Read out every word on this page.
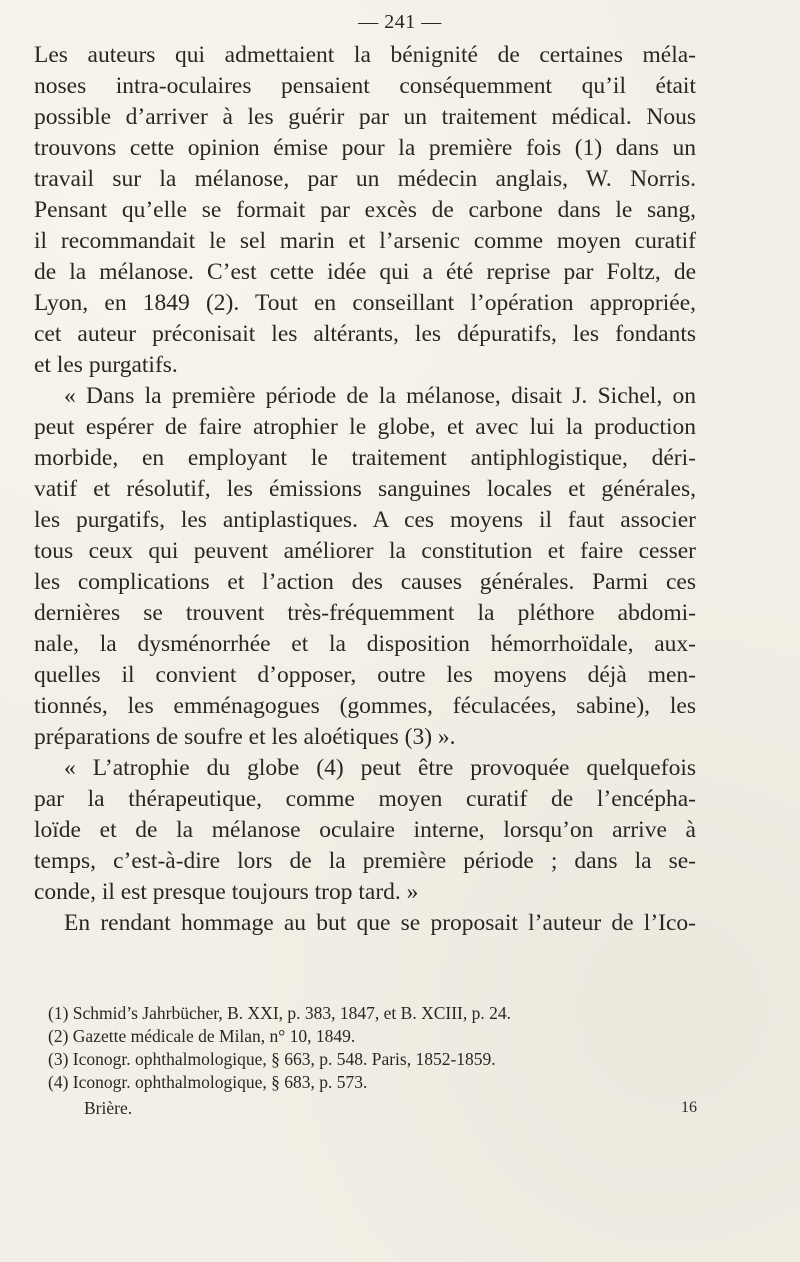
— 241 —
Les auteurs qui admettaient la bénignité de certaines méla-
noses intra-oculaires pensaient conséquemment qu’il était
possible d’arriver à les guérir par un traitement médical. Nous
trouvons cette opinion émise pour la première fois (1) dans un
travail sur la mélanose, par un médecin anglais, W. Norris.
Pensant qu’elle se formait par excès de carbone dans le sang,
il recommandait le sel marin et l’arsenic comme moyen curatif
de la mélanose. C’est cette idée qui a été reprise par Foltz, de
Lyon, en 1849 (2). Tout en conseillant l’opération appropriée,
cet auteur préconisait les altérants, les dépuratifs, les fondants
et les purgatifs.
« Dans la première période de la mélanose, disait J. Sichel, on
peut espérer de faire atrophier le globe, et avec lui la production
morbide, en employant le traitement antiphlogistique, déri-
vatif et résolutif, les émissions sanguines locales et générales,
les purgatifs, les antiplastiques. A ces moyens il faut associer
tous ceux qui peuvent améliorer la constitution et faire cesser
les complications et l’action des causes générales. Parmi ces
dernières se trouvent très-fréquemment la pléthore abdomi-
nale, la dysménorrhée et la disposition hémorrhoïdale, aux-
quelles il convient d’opposer, outre les moyens déjà men-
tionnés, les emménagogues (gommes, féculacées, sabine), les
préparations de soufre et les aloétiques (3) ».
« L’atrophie du globe (4) peut être provoquée quelquefois
par la thérapeutique, comme moyen curatif de l’encépha-
loïde et de la mélanose oculaire interne, lorsqu’on arrive à
temps, c’est-à-dire lors de la première période ; dans la se-
conde, il est presque toujours trop tard. »
En rendant hommage au but que se proposait l’auteur de l’Ico-
(1) Schmid’s Jahrbücher, B. XXI, p. 383, 1847, et B. XCIII, p. 24.
(2) Gazette médicale de Milan, n° 10, 1849.
(3) Iconogr. ophthalmologique, § 663, p. 548. Paris, 1852-1859.
(4) Iconogr. ophthalmologique, § 683, p. 573.
Brière.	16
